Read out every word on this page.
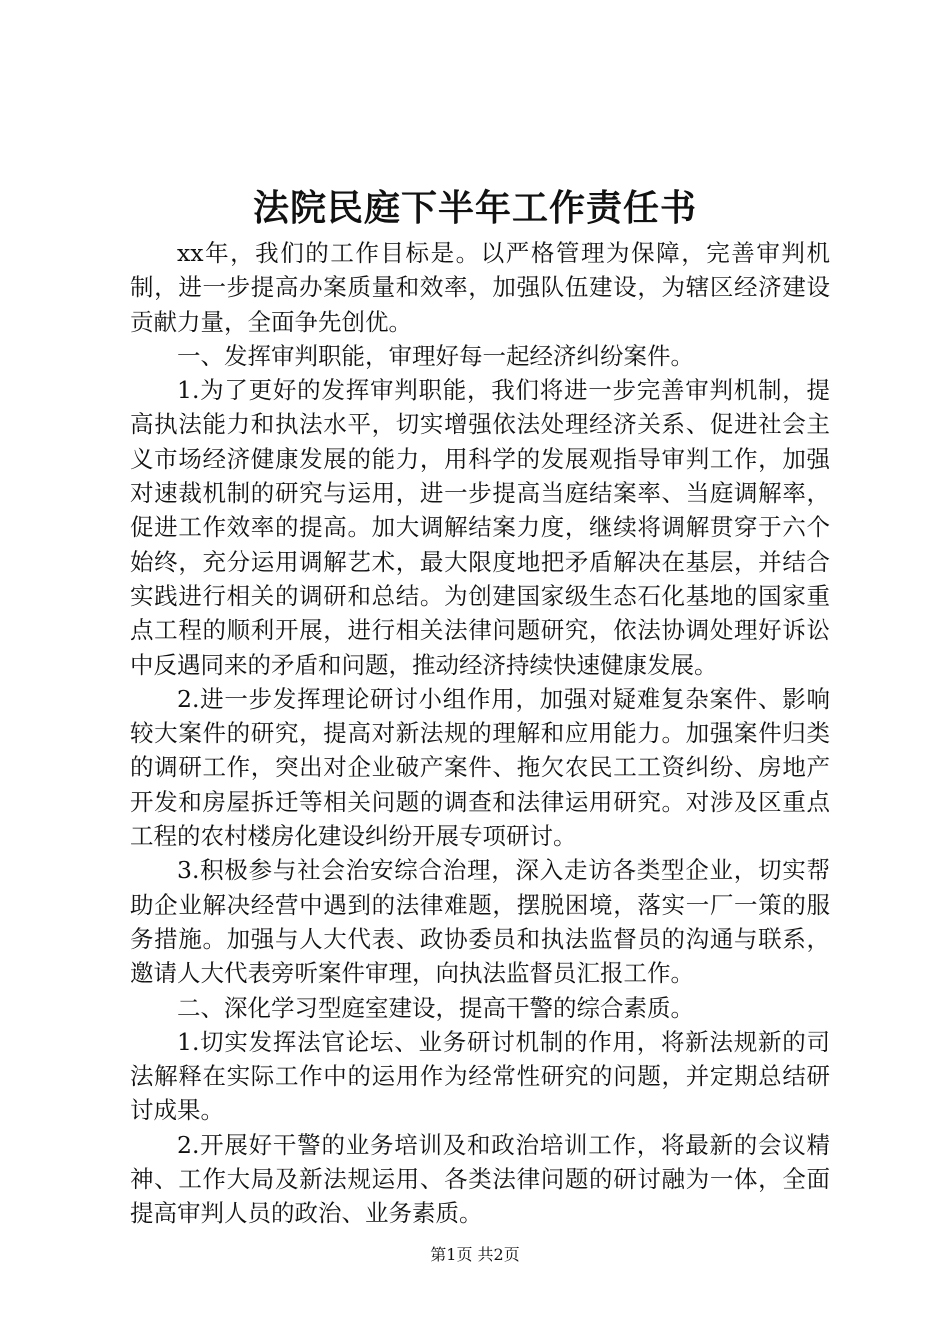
法院民庭下半年工作责任书

xx年，我们的工作目标是。以严格管理为保障，完善审判机制，进一步提高办案质量和效率，加强队伍建设，为辖区经济建设贡献力量，全面争先创优。

一、发挥审判职能，审理好每一起经济纠纷案件。

1.为了更好的发挥审判职能，我们将进一步完善审判机制，提高执法能力和执法水平，切实增强依法处理经济关系、促进社会主义市场经济健康发展的能力，用科学的发展观指导审判工作，加强对速裁机制的研究与运用，进一步提高当庭结案率、当庭调解率，促进工作效率的提高。加大调解结案力度，继续将调解贯穿于六个始终，充分运用调解艺术，最大限度地把矛盾解决在基层，并结合实践进行相关的调研和总结。为创建国家级生态石化基地的国家重点工程的顺利开展，进行相关法律问题研究，依法协调处理好诉讼中反遇同来的矛盾和问题，推动经济持续快速健康发展。

2.进一步发挥理论研讨小组作用，加强对疑难复杂案件、影响较大案件的研究，提高对新法规的理解和应用能力。加强案件归类的调研工作，突出对企业破产案件、拖欠农民工工资纠纷、房地产开发和房屋拆迁等相关问题的调查和法律运用研究。对涉及区重点工程的农村楼房化建设纠纷开展专项研讨。

3.积极参与社会治安综合治理，深入走访各类型企业，切实帮助企业解决经营中遇到的法律难题，摆脱困境，落实一厂一策的服务措施。加强与人大代表、政协委员和执法监督员的沟通与联系，邀请人大代表旁听案件审理，向执法监督员汇报工作。

二、深化学习型庭室建设，提高干警的综合素质。

1.切实发挥法官论坛、业务研讨机制的作用，将新法规新的司法解释在实际工作中的运用作为经常性研究的问题，并定期总结研讨成果。

2.开展好干警的业务培训及和政治培训工作，将最新的会议精神、工作大局及新法规运用、各类法律问题的研讨融为一体，全面提高审判人员的政治、业务素质。

第1页 共2页
